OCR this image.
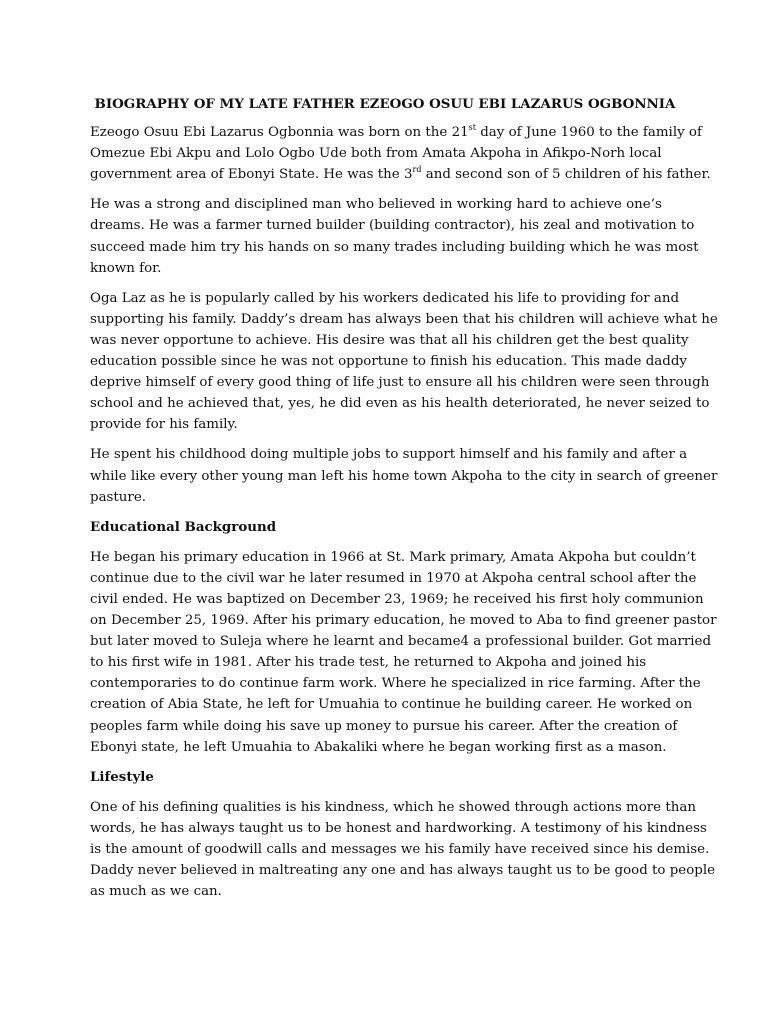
BIOGRAPHY OF MY LATE FATHER EZEOGO OSUU EBI LAZARUS OGBONNIA
Ezeogo Osuu Ebi Lazarus Ogbonnia was born on the 21st day of June 1960 to the family of
Omezue Ebi Akpu and Lolo Ogbo Ude both from Amata Akpoha in Afikpo-Norh local
government area of Ebonyi State. He was the 3rd and second son of 5 children of his father.
He was a strong and disciplined man who believed in working hard to achieve one’s
dreams. He was a farmer turned builder (building contractor), his zeal and motivation to
succeed made him try his hands on so many trades including building which he was most
known for.
Oga Laz as he is popularly called by his workers dedicated his life to providing for and
supporting his family. Daddy’s dream has always been that his children will achieve what he
was never opportune to achieve. His desire was that all his children get the best quality
education possible since he was not opportune to finish his education. This made daddy
deprive himself of every good thing of life just to ensure all his children were seen through
school and he achieved that, yes, he did even as his health deteriorated, he never seized to
provide for his family.
He spent his childhood doing multiple jobs to support himself and his family and after a
while like every other young man left his home town Akpoha to the city in search of greener
pasture.
Educational Background
He began his primary education in 1966 at St. Mark primary, Amata Akpoha but couldn’t
continue due to the civil war he later resumed in 1970 at Akpoha central school after the
civil ended. He was baptized on December 23, 1969; he received his first holy communion
on December 25, 1969. After his primary education, he moved to Aba to find greener pastor
but later moved to Suleja where he learnt and became4 a professional builder. Got married
to his first wife in 1981. After his trade test, he returned to Akpoha and joined his
contemporaries to do continue farm work. Where he specialized in rice farming. After the
creation of Abia State, he left for Umuahia to continue he building career. He worked on
peoples farm while doing his save up money to pursue his career. After the creation of
Ebonyi state, he left Umuahia to Abakaliki where he began working first as a mason.
Lifestyle
One of his defining qualities is his kindness, which he showed through actions more than
words, he has always taught us to be honest and hardworking. A testimony of his kindness
is the amount of goodwill calls and messages we his family have received since his demise.
Daddy never believed in maltreating any one and has always taught us to be good to people
as much as we can.
